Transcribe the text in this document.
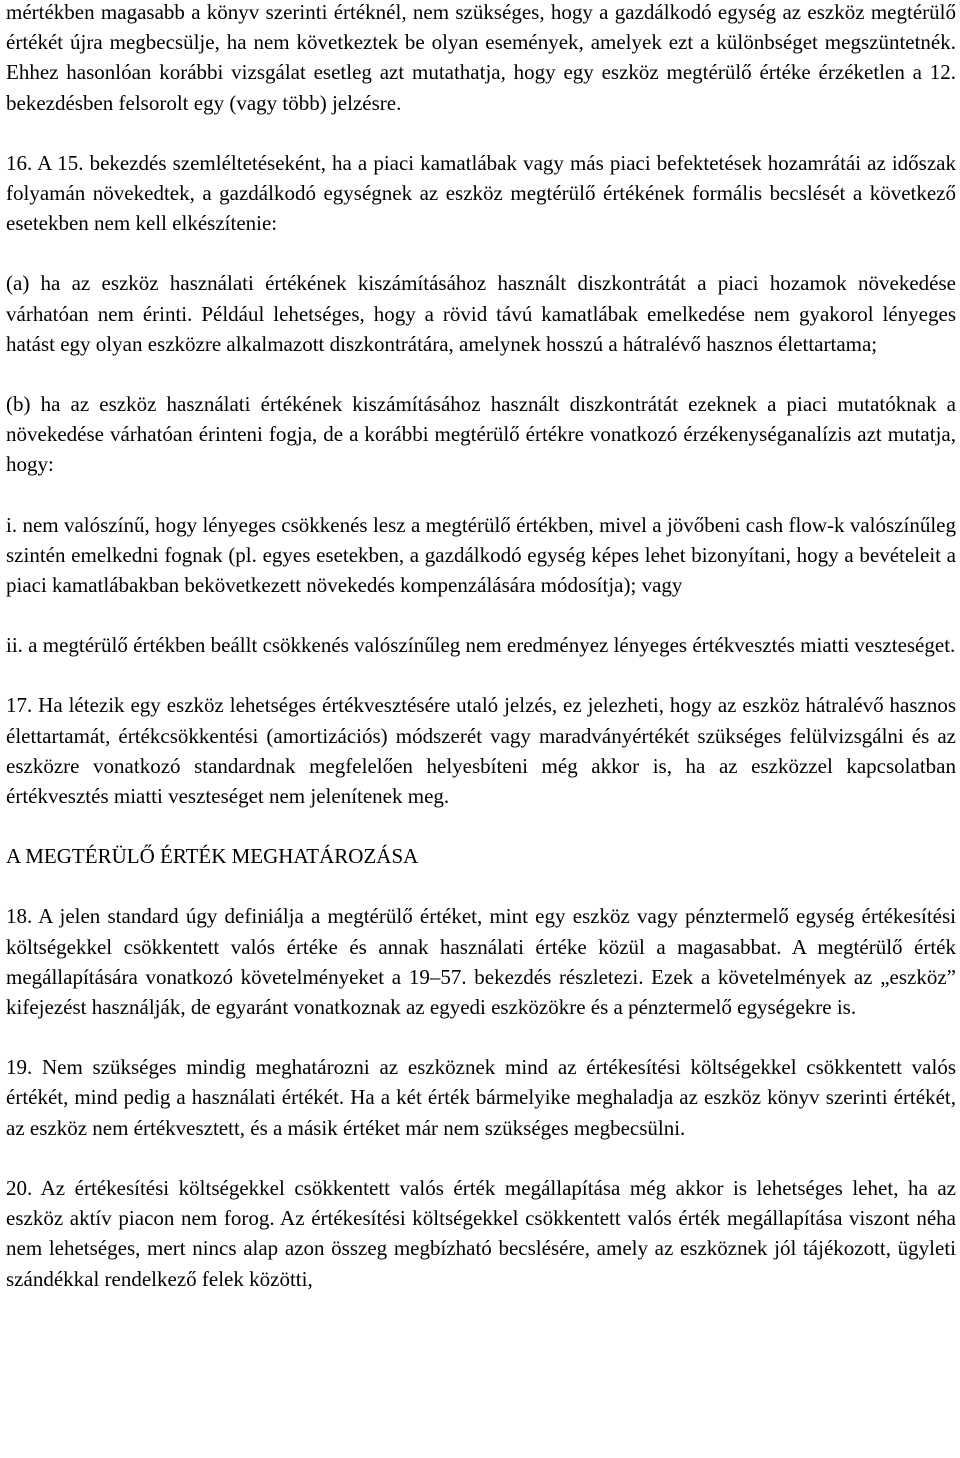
mértékben magasabb a könyv szerinti értéknél, nem szükséges, hogy a gazdálkodó egység az eszköz megtérülő értékét újra megbecsülje, ha nem következtek be olyan események, amelyek ezt a különbséget megszüntetnék. Ehhez hasonlóan korábbi vizsgálat esetleg azt mutathatja, hogy egy eszköz megtérülő értéke érzéketlen a 12. bekezdésben felsorolt egy (vagy több) jelzésre.

16. A 15. bekezdés szemléltetéseként, ha a piaci kamatlábak vagy más piaci befektetések hozamrátái az időszak folyamán növekedtek, a gazdálkodó egységnek az eszköz megtérülő értékének formális becslését a következő esetekben nem kell elkészítenie:

(a) ha az eszköz használati értékének kiszámításához használt diszkontrátát a piaci hozamok növekedése várhatóan nem érinti. Például lehetséges, hogy a rövid távú kamatlábak emelkedése nem gyakorol lényeges hatást egy olyan eszközre alkalmazott diszkontrátára, amelynek hosszú a hátralévő hasznos élettartama;

(b) ha az eszköz használati értékének kiszámításához használt diszkontrátát ezeknek a piaci mutatóknak a növekedése várhatóan érinteni fogja, de a korábbi megtérülő értékre vonatkozó érzékenységanalízis azt mutatja, hogy:

i. nem valószínű, hogy lényeges csökkenés lesz a megtérülő értékben, mivel a jövőbeni cash flow-k valószínűleg szintén emelkedni fognak (pl. egyes esetekben, a gazdálkodó egység képes lehet bizonyítani, hogy a bevételeit a piaci kamatlábakban bekövetkezett növekedés kompenzálására módosítja); vagy

ii. a megtérülő értékben beállt csökkenés valószínűleg nem eredményez lényeges értékvesztés miatti veszteséget.

17. Ha létezik egy eszköz lehetséges értékvesztésére utaló jelzés, ez jelezheti, hogy az eszköz hátralévő hasznos élettartamát, értékcsökkentési (amortizációs) módszerét vagy maradványértékét szükséges felülvizsgálni és az eszközre vonatkozó standardnak megfelelően helyesbíteni még akkor is, ha az eszközzel kapcsolatban értékvesztés miatti veszteséget nem jelenítenek meg.

A MEGTÉRÜLŐ ÉRTÉK MEGHATÁROZÁSA

18. A jelen standard úgy definiálja a megtérülő értéket, mint egy eszköz vagy pénztermelő egység értékesítési költségekkel csökkentett valós értéke és annak használati értéke közül a magasabbat. A megtérülő érték megállapítására vonatkozó követelményeket a 19–57. bekezdés részletezi. Ezek a követelmények az „eszköz” kifejezést használják, de egyaránt vonatkoznak az egyedi eszközökre és a pénztermelő egységekre is.

19. Nem szükséges mindig meghatározni az eszköznek mind az értékesítési költségekkel csökkentett valós értékét, mind pedig a használati értékét. Ha a két érték bármelyike meghaladja az eszköz könyv szerinti értékét, az eszköz nem értékvesztett, és a másik értéket már nem szükséges megbecsülni.

20. Az értékesítési költségekkel csökkentett valós érték megállapítása még akkor is lehetséges lehet, ha az eszköz aktív piacon nem forog. Az értékesítési költségekkel csökkentett valós érték megállapítása viszont néha nem lehetséges, mert nincs alap azon összeg megbízható becslésére, amely az eszköznek jól tájékozott, ügyleti szándékkal rendelkező felek közötti,
